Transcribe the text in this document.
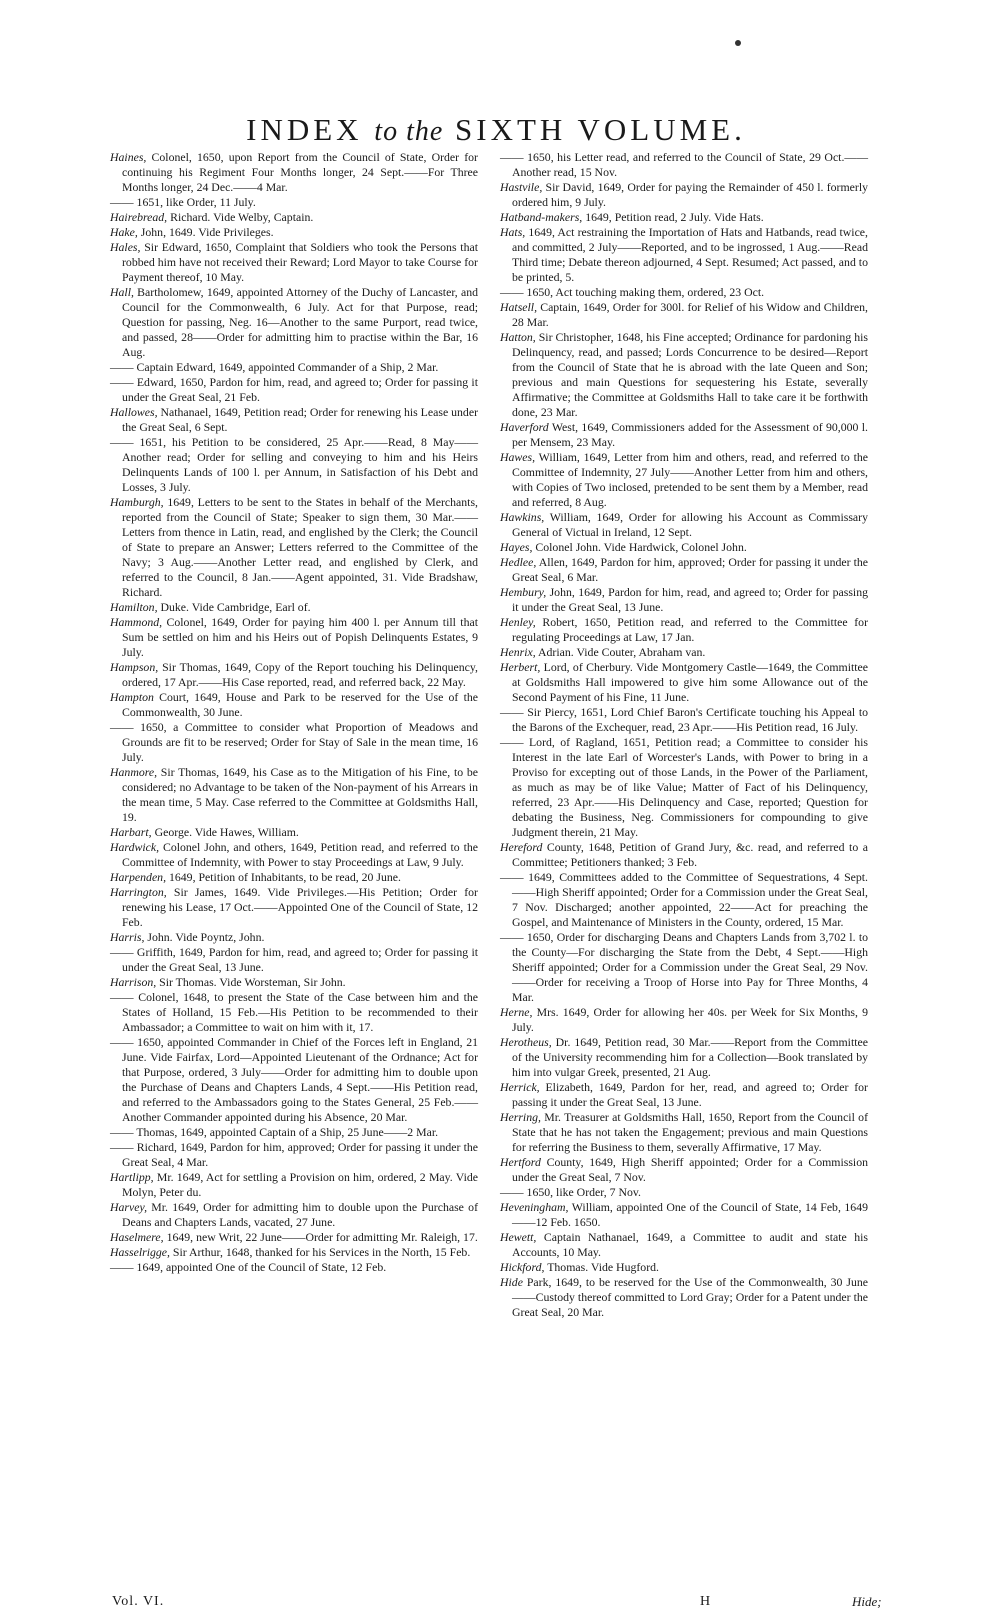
INDEX to the SIXTH VOLUME.

Haines, Colonel, 1650, upon Report from the Council of State, Order for continuing his Regiment Four Months longer, 24 Sept.——For Three Months longer, 24 Dec.——4 Mar.

—— 1651, like Order, 11 July.

Hairebread, Richard. Vide Welby, Captain.

Hake, John, 1649. Vide Privileges.

Hales, Sir Edward, 1650, Complaint that Soldiers who took the Persons that robbed him have not received their Reward; Lord Mayor to take Course for Payment thereof, 10 May.

Hall, Bartholomew, 1649, appointed Attorney of the Duchy of Lancaster, and Council for the Commonwealth, 6 July. Act for that Purpose, read; Question for passing, Neg. 16—Another to the same Purport, read twice, and passed, 28——Order for admitting him to practise within the Bar, 16 Aug.

—— Captain Edward, 1649, appointed Commander of a Ship, 2 Mar.

—— Edward, 1650, Pardon for him, read, and agreed to; Order for passing it under the Great Seal, 21 Feb.

Hallowes, Nathanael, 1649, Petition read; Order for renewing his Lease under the Great Seal, 6 Sept.

—— 1651, his Petition to be considered, 25 Apr.——Read, 8 May——Another read; Order for selling and conveying to him and his Heirs Delinquents Lands of 100 l. per Annum, in Satisfaction of his Debt and Losses, 3 July.

Hamburgh, 1649, Letters to be sent to the States in behalf of the Merchants, reported from the Council of State; Speaker to sign them, 30 Mar.——Letters from thence in Latin, read, and englished by the Clerk; the Council of State to prepare an Answer; Letters referred to the Committee of the Navy; 3 Aug.——Another Letter read, and englished by Clerk, and referred to the Council, 8 Jan.——Agent appointed, 31. Vide Bradshaw, Richard.

Hamilton, Duke. Vide Cambridge, Earl of.

Hammond, Colonel, 1649, Order for paying him 400 l. per Annum till that Sum be settled on him and his Heirs out of Popish Delinquents Estates, 9 July.

Hampson, Sir Thomas, 1649, Copy of the Report touching his Delinquency, ordered, 17 Apr.——His Case reported, read, and referred back, 22 May.

Hampton Court, 1649, House and Park to be reserved for the Use of the Commonwealth, 30 June.

—— 1650, a Committee to consider what Proportion of Meadows and Grounds are fit to be reserved; Order for Stay of Sale in the mean time, 16 July.

Hanmore, Sir Thomas, 1649, his Case as to the Mitigation of his Fine, to be considered; no Advantage to be taken of the Non-payment of his Arrears in the mean time, 5 May. Case referred to the Committee at Goldsmiths Hall, 19.

Harbart, George. Vide Hawes, William.

Hardwick, Colonel John, and others, 1649, Petition read, and referred to the Committee of Indemnity, with Power to stay Proceedings at Law, 9 July.

Harpenden, 1649, Petition of Inhabitants, to be read, 20 June.

Harrington, Sir James, 1649. Vide Privileges.—His Petition; Order for renewing his Lease, 17 Oct.——Appointed One of the Council of State, 12 Feb.

Harris, John. Vide Poyntz, John.

—— Griffith, 1649, Pardon for him, read, and agreed to; Order for passing it under the Great Seal, 13 June.

Harrison, Sir Thomas. Vide Worsteman, Sir John.

—— Colonel, 1648, to present the State of the Case between him and the States of Holland, 15 Feb.—His Petition to be recommended to their Ambassador; a Committee to wait on him with it, 17.

—— 1650, appointed Commander in Chief of the Forces left in England, 21 June. Vide Fairfax, Lord—Appointed Lieutenant of the Ordnance; Act for that Purpose, ordered, 3 July——Order for admitting him to double upon the Purchase of Deans and Chapters Lands, 4 Sept.——His Petition read, and referred to the Ambassadors going to the States General, 25 Feb.——Another Commander appointed during his Absence, 20 Mar.

—— Thomas, 1649, appointed Captain of a Ship, 25 June——2 Mar.

—— Richard, 1649, Pardon for him, approved; Order for passing it under the Great Seal, 4 Mar.

Hartlipp, Mr. 1649, Act for settling a Provision on him, ordered, 2 May. Vide Molyn, Peter du.

Harvey, Mr. 1649, Order for admitting him to double upon the Purchase of Deans and Chapters Lands, vacated, 27 June.

Haselmere, 1649, new Writ, 22 June——Order for admitting Mr. Raleigh, 17.

Hasselrigge, Sir Arthur, 1648, thanked for his Services in the North, 15 Feb.

—— 1649, appointed One of the Council of State, 12 Feb.

—— 1650, his Letter read, and referred to the Council of State, 29 Oct.——Another read, 15 Nov.

Hastvile, Sir David, 1649, Order for paying the Remainder of 450 l. formerly ordered him, 9 July.

Hatband-makers, 1649, Petition read, 2 July. Vide Hats.

Hats, 1649, Act restraining the Importation of Hats and Hatbands, read twice, and committed, 2 July——Reported, and to be ingrossed, 1 Aug.——Read Third time; Debate thereon adjourned, 4 Sept. Resumed; Act passed, and to be printed, 5.

—— 1650, Act touching making them, ordered, 23 Oct.

Hatsell, Captain, 1649, Order for 300l. for Relief of his Widow and Children, 28 Mar.

Hatton, Sir Christopher, 1648, his Fine accepted; Ordinance for pardoning his Delinquency, read, and passed; Lords Concurrence to be desired—Report from the Council of State that he is abroad with the late Queen and Son; previous and main Questions for sequestering his Estate, severally Affirmative; the Committee at Goldsmiths Hall to take care it be forthwith done, 23 Mar.

Haverford West, 1649, Commissioners added for the Assessment of 90,000 l. per Mensem, 23 May.

Hawes, William, 1649, Letter from him and others, read, and referred to the Committee of Indemnity, 27 July——Another Letter from him and others, with Copies of Two inclosed, pretended to be sent them by a Member, read and referred, 8 Aug.

Hawkins, William, 1649, Order for allowing his Account as Commissary General of Victual in Ireland, 12 Sept.

Hayes, Colonel John. Vide Hardwick, Colonel John.

Hedlee, Allen, 1649, Pardon for him, approved; Order for passing it under the Great Seal, 6 Mar.

Hembury, John, 1649, Pardon for him, read, and agreed to; Order for passing it under the Great Seal, 13 June.

Henley, Robert, 1650, Petition read, and referred to the Committee for regulating Proceedings at Law, 17 Jan.

Henrix, Adrian. Vide Couter, Abraham van.

Herbert, Lord, of Cherbury. Vide Montgomery Castle—1649, the Committee at Goldsmiths Hall impowered to give him some Allowance out of the Second Payment of his Fine, 11 June.

—— Sir Piercy, 1651, Lord Chief Baron's Certificate touching his Appeal to the Barons of the Exchequer, read, 23 Apr.——His Petition read, 16 July.

—— Lord, of Ragland, 1651, Petition read; a Committee to consider his Interest in the late Earl of Worcester's Lands, with Power to bring in a Proviso for excepting out of those Lands, in the Power of the Parliament, as much as may be of like Value; Matter of Fact of his Delinquency, referred, 23 Apr.——His Delinquency and Case, reported; Question for debating the Business, Neg. Commissioners for compounding to give Judgment therein, 21 May.

Hereford County, 1648, Petition of Grand Jury, &c. read, and referred to a Committee; Petitioners thanked; 3 Feb.

—— 1649, Committees added to the Committee of Sequestrations, 4 Sept.——High Sheriff appointed; Order for a Commission under the Great Seal, 7 Nov. Discharged; another appointed, 22——Act for preaching the Gospel, and Maintenance of Ministers in the County, ordered, 15 Mar.

—— 1650, Order for discharging Deans and Chapters Lands from 3,702 l. to the County—For discharging the State from the Debt, 4 Sept.——High Sheriff appointed; Order for a Commission under the Great Seal, 29 Nov.——Order for receiving a Troop of Horse into Pay for Three Months, 4 Mar.

Herne, Mrs. 1649, Order for allowing her 40s. per Week for Six Months, 9 July.

Herotheus, Dr. 1649, Petition read, 30 Mar.——Report from the Committee of the University recommending him for a Collection—Book translated by him into vulgar Greek, presented, 21 Aug.

Herrick, Elizabeth, 1649, Pardon for her, read, and agreed to; Order for passing it under the Great Seal, 13 June.

Herring, Mr. Treasurer at Goldsmiths Hall, 1650, Report from the Council of State that he has not taken the Engagement; previous and main Questions for referring the Business to them, severally Affirmative, 17 May.

Hertford County, 1649, High Sheriff appointed; Order for a Commission under the Great Seal, 7 Nov.

—— 1650, like Order, 7 Nov.

Heveningham, William, appointed One of the Council of State, 14 Feb, 1649——12 Feb. 1650.

Hewett, Captain Nathanael, 1649, a Committee to audit and state his Accounts, 10 May.

Hickford, Thomas. Vide Hugford.

Hide Park, 1649, to be reserved for the Use of the Commonwealth, 30 June——Custody thereof committed to Lord Gray; Order for a Patent under the Great Seal, 20 Mar.

Vol. VI.	H	Hide;
